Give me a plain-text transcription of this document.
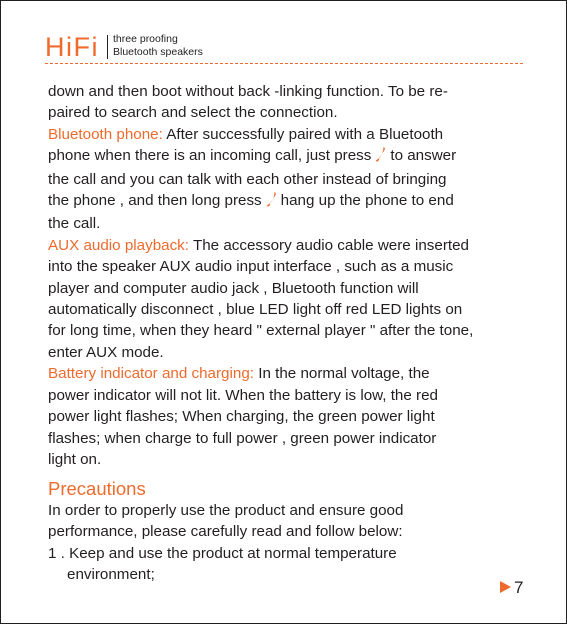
HiFi three proofing
Bluetooth speakers

down and then boot without back -linking function. To be re-

paired to search and select the connection.

Bluetooth phone: After successfully paired with a Bluetooth

phone when there is an incoming call, just press to answer

the call and you can talk with each other instead of bringing

the phone , and then long press hang up the phone to end

the call.

AUX audio playback: The accessory audio cable were inserted

into the speaker AUX audio input interface , such as a music

player and computer audio jack , Bluetooth function will

automatically disconnect , blue LED light off red LED lights on

for long time, when they heard " external player " after the tone,

enter AUX mode.

Battery indicator and charging: In the normal voltage, the

power indicator will not lit. When the battery is low, the red

power light flashes; When charging, the green power light

flashes; when charge to full power , green power indicator

light on.

Precautions

In order to properly use the product and ensure good

performance, please carefully read and follow below:

1 . Keep and use the product at normal temperature

environment;

7
